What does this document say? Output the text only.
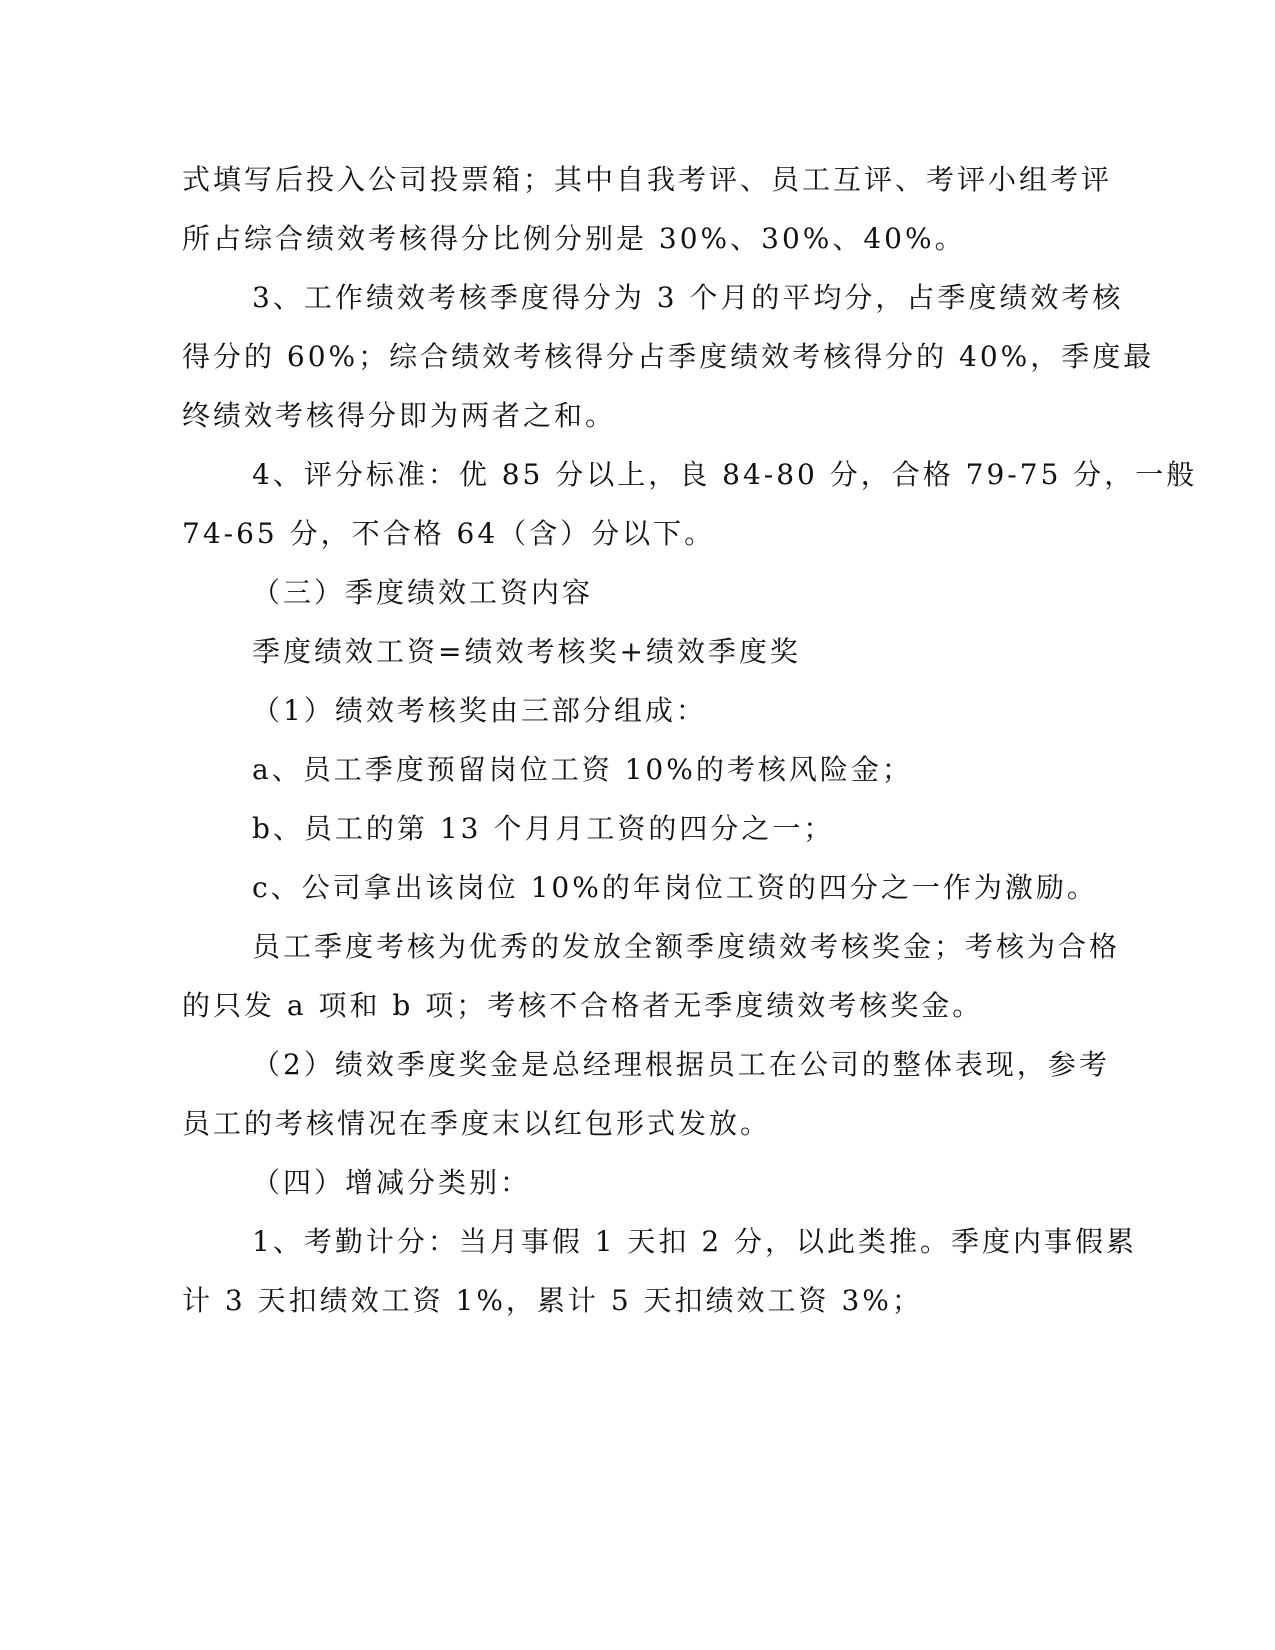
式填写后投入公司投票箱；其中自我考评、员工互评、考评小组考评
所占综合绩效考核得分比例分别是 30%、30%、40%。
3、工作绩效考核季度得分为 3 个月的平均分，占季度绩效考核
得分的 60%；综合绩效考核得分占季度绩效考核得分的 40%，季度最
终绩效考核得分即为两者之和。
4、评分标准：优 85 分以上，良 84-80 分，合格 79-75 分，一般
74-65 分，不合格 64（含）分以下。
（三）季度绩效工资内容
季度绩效工资=绩效考核奖+绩效季度奖
（1）绩效考核奖由三部分组成：
a、员工季度预留岗位工资 10%的考核风险金；
b、员工的第 13 个月月工资的四分之一；
c、公司拿出该岗位 10%的年岗位工资的四分之一作为激励。
员工季度考核为优秀的发放全额季度绩效考核奖金；考核为合格
的只发 a 项和 b 项；考核不合格者无季度绩效考核奖金。
（2）绩效季度奖金是总经理根据员工在公司的整体表现，参考
员工的考核情况在季度末以红包形式发放。
（四）增减分类别：
1、考勤计分：当月事假 1 天扣 2 分，以此类推。季度内事假累
计 3 天扣绩效工资 1%，累计 5 天扣绩效工资 3%；
